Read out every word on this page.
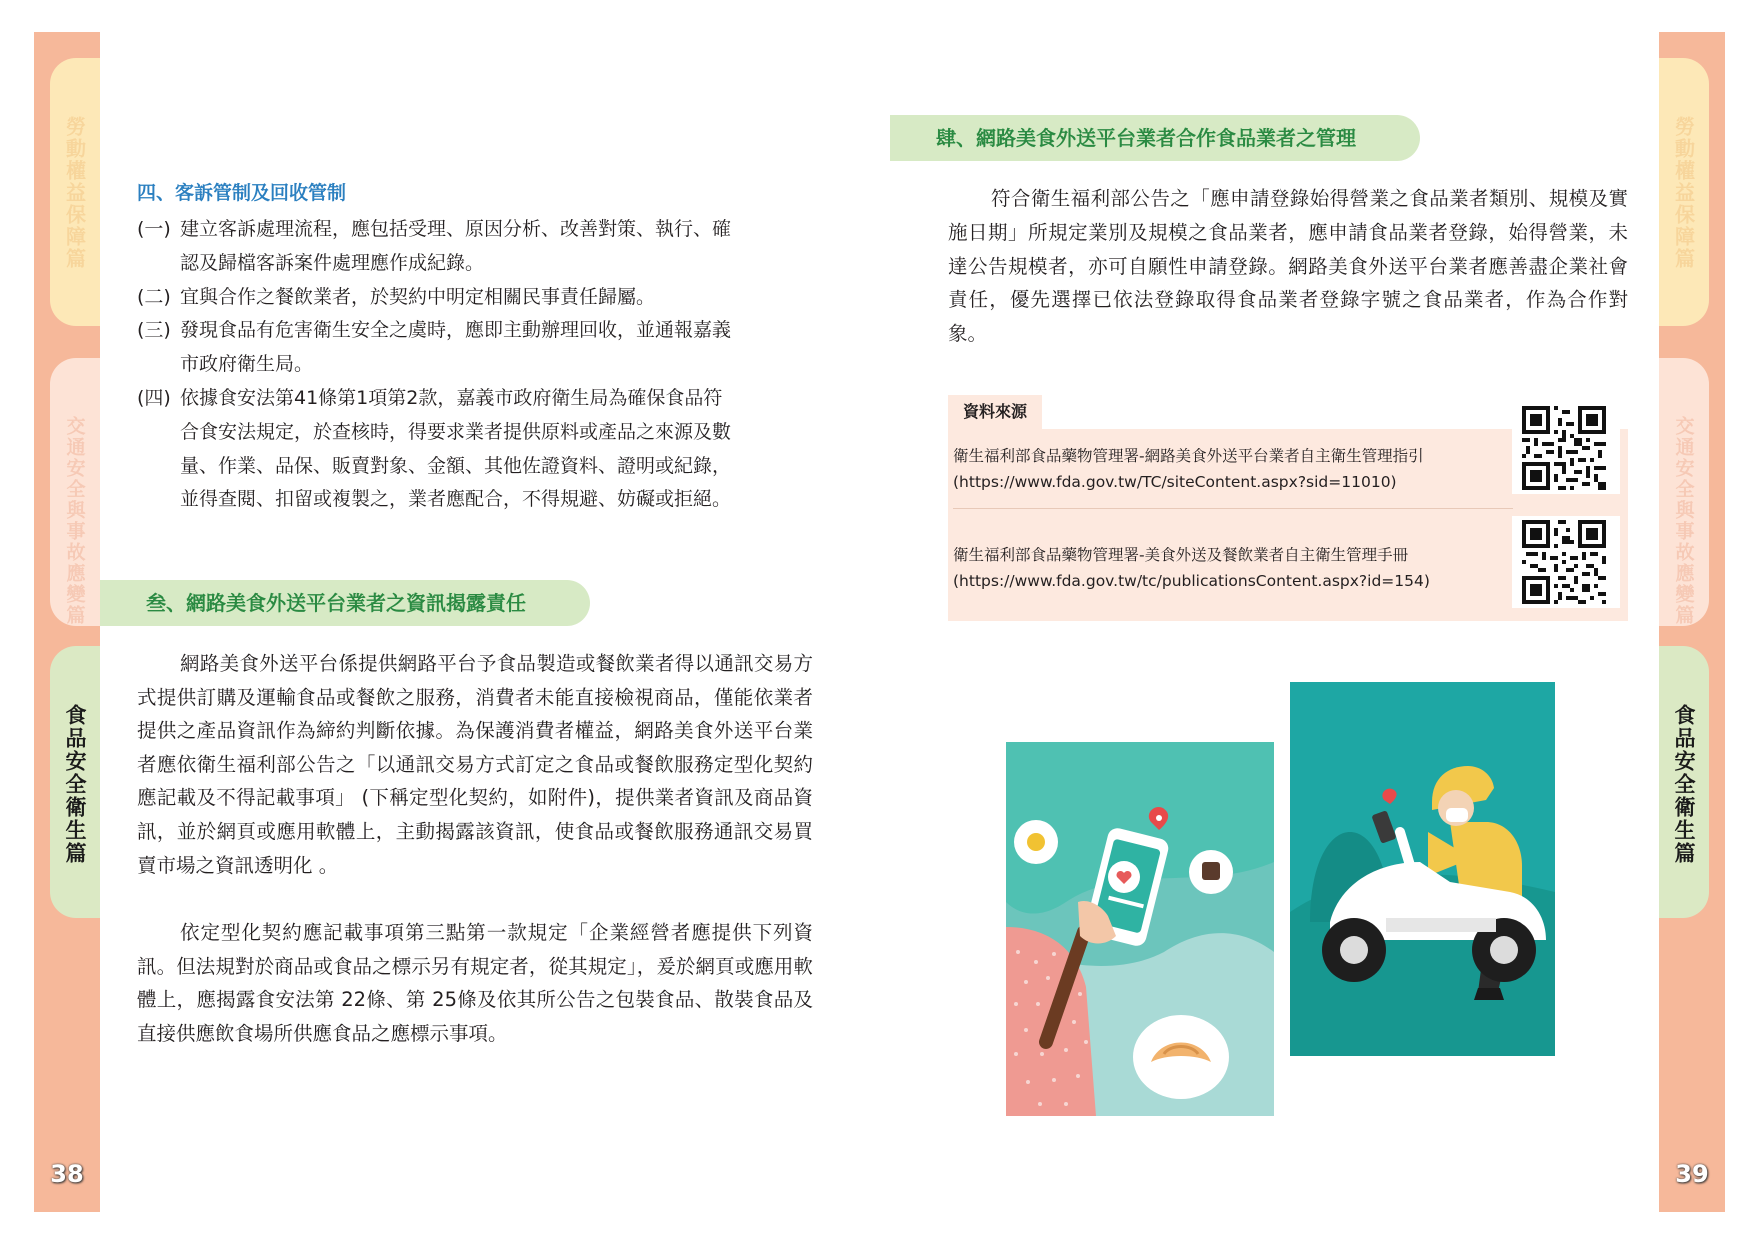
勞動權益保障篇
交通安全與事故應變篇
食品安全衛生篇
38
勞動權益保障篇
交通安全與事故應變篇
食品安全衛生篇
39
四、客訴管制及回收管制
(一) 建立客訴處理流程，應包括受理、原因分析、改善對策、執行、確
認及歸檔客訴案件處理應作成紀錄。
(二) 宜與合作之餐飲業者，於契約中明定相關民事責任歸屬。
(三) 發現食品有危害衛生安全之虞時，應即主動辦理回收，並通報嘉義
市政府衛生局。
(四) 依據食安法第41條第1項第2款，嘉義市政府衛生局為確保食品符
合食安法規定，於查核時，得要求業者提供原料或產品之來源及數
量、作業、品保、販賣對象、金額、其他佐證資料、證明或紀錄，
並得查閱、扣留或複製之，業者應配合，不得規避、妨礙或拒絕。
叁、網路美食外送平台業者之資訊揭露責任
網路美食外送平台係提供網路平台予食品製造或餐飲業者得以通訊交易方式提供訂購及運輸食品或餐飲之服務，消費者未能直接檢視商品，僅能依業者提供之產品資訊作為締約判斷依據。為保護消費者權益，網路美食外送平台業者應依衛生福利部公告之「以通訊交易方式訂定之食品或餐飲服務定型化契約應記載及不得記載事項」 (下稱定型化契約，如附件)，提供業者資訊及商品資訊，並於網頁或應用軟體上，主動揭露該資訊，使食品或餐飲服務通訊交易買賣市場之資訊透明化 。
依定型化契約應記載事項第三點第一款規定「企業經營者應提供下列資訊。但法規對於商品或食品之標示另有規定者，從其規定」，爰於網頁或應用軟體上，應揭露食安法第 22條、第 25條及依其所公告之包裝食品、散裝食品及直接供應飲食場所供應食品之應標示事項。
肆、網路美食外送平台業者合作食品業者之管理
符合衛生福利部公告之「應申請登錄始得營業之食品業者類別、規模及實施日期」所規定業別及規模之食品業者，應申請食品業者登錄，始得營業，未達公告規模者，亦可自願性申請登錄。網路美食外送平台業者應善盡企業社會責任，優先選擇已依法登錄取得食品業者登錄字號之食品業者，作為合作對象。
資料來源
衛生福利部食品藥物管理署-網路美食外送平台業者自主衛生管理指引
(https://www.fda.gov.tw/TC/siteContent.aspx?sid=11010)
衛生福利部食品藥物管理署-美食外送及餐飲業者自主衛生管理手冊
(https://www.fda.gov.tw/tc/publicationsContent.aspx?id=154)
